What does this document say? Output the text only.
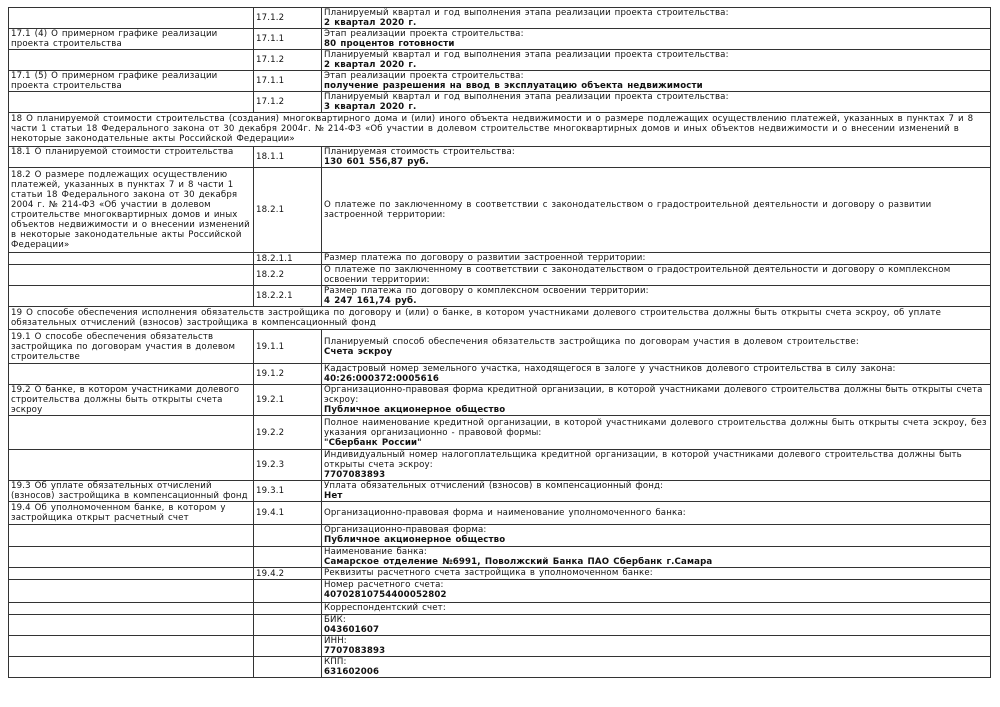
	17.1.2	Планируемый квартал и год выполнения этапа реализации проекта строительства:
2 квартал 2020 г.

17.1 (4) О примерном графике реализации проекта строительства	17.1.1	Этап реализации проекта строительства:
80 процентов готовности

	17.1.2	Планируемый квартал и год выполнения этапа реализации проекта строительства:
2 квартал 2020 г.

17.1 (5) О примерном графике реализации проекта строительства	17.1.1	Этап реализации проекта строительства:
получение разрешения на ввод в эксплуатацию объекта недвижимости

	17.1.2	Планируемый квартал и год выполнения этапа реализации проекта строительства:
3 квартал 2020 г.

18 О планируемой стоимости строительства (создания) многоквартирного дома и (или) иного объекта недвижимости и о размере подлежащих осуществлению платежей, указанных в пунктах 7 и 8 части 1 статьи 18 Федерального закона от 30 декабря 2004г. № 214-ФЗ «Об участии в долевом строительстве многоквартирных домов и иных объектов недвижимости и о внесении изменений в некоторые законодательные акты Российской Федерации»		
18.1 О планируемой стоимости строительства	18.1.1	Планируемая стоимость строительства:
130 601 556,87 руб.

18.2 О размере подлежащих осуществлению платежей, указанных в пунктах 7 и 8 части 1 статьи 18 Федерального закона от 30 декабря 2004 г. № 214-ФЗ «Об участии в долевом строительстве многоквартирных домов и иных объектов недвижимости и о внесении изменений в некоторые законодательные акты Российской Федерации»	18.2.1	О платеже по заключенному в соответствии с законодательством о градостроительной деятельности и договору о развитии застроенной территории:

	18.2.1.1	Размер платежа по договору о развитии застроенной территории:

	18.2.2	О платеже по заключенному в соответствии с законодательством о градостроительной деятельности и договору о комплексном освоении территории:

	18.2.2.1	Размер платежа по договору о комплексном освоении территории:
4 247 161,74 руб.

19 О способе обеспечения исполнения обязательств застройщика по договору и (или) о банке, в котором участниками долевого строительства должны быть открыты счета эскроу, об уплате обязательных отчислений (взносов) застройщика в компенсационный фонд		
19.1 О способе обеспечения обязательств застройщика по договорам участия в долевом строительстве	19.1.1	Планируемый способ обеспечения обязательств застройщика по договорам участия в долевом строительстве:
Счета эскроу

	19.1.2	Кадастровый номер земельного участка, находящегося в залоге у участников долевого строительства в силу закона:
40:26:000372:0005616

19.2 О банке, в котором участниками долевого строительства должны быть открыты счета эскроу	19.2.1	Организационно-правовая форма кредитной организации, в которой участниками долевого строительства должны быть открыты счета эскроу:
Публичное акционерное общество

	19.2.2	Полное наименование кредитной организации, в которой участниками долевого строительства должны быть открыты счета эскроу, без указания организационно - правовой формы:
"Сбербанк России"

	19.2.3	Индивидуальный номер налогоплательщика кредитной организации, в которой участниками долевого строительства должны быть открыты счета эскроу:
7707083893

19.3 Об уплате обязательных отчислений (взносов) застройщика в компенсационный фонд	19.3.1	Уплата обязательных отчислений (взносов) в компенсационный фонд:
Нет

19.4 Об уполномоченном банке, в котором у застройщика открыт расчетный счет	19.4.1	Организационно-правовая форма и наименование уполномоченного банка:

		Организационно-правовая форма:
Публичное акционерное общество

		Наименование банка:
Самарское отделение №6991, Поволжский Банка ПАО Сбербанк г.Самара

	19.4.2	Реквизиты расчетного счета застройщика в уполномоченном банке:

		Номер расчетного счета:
40702810754400052802

		Корреспондентский счет:

		БИК:
043601607

		ИНН:
7707083893

		КПП:
631602006
